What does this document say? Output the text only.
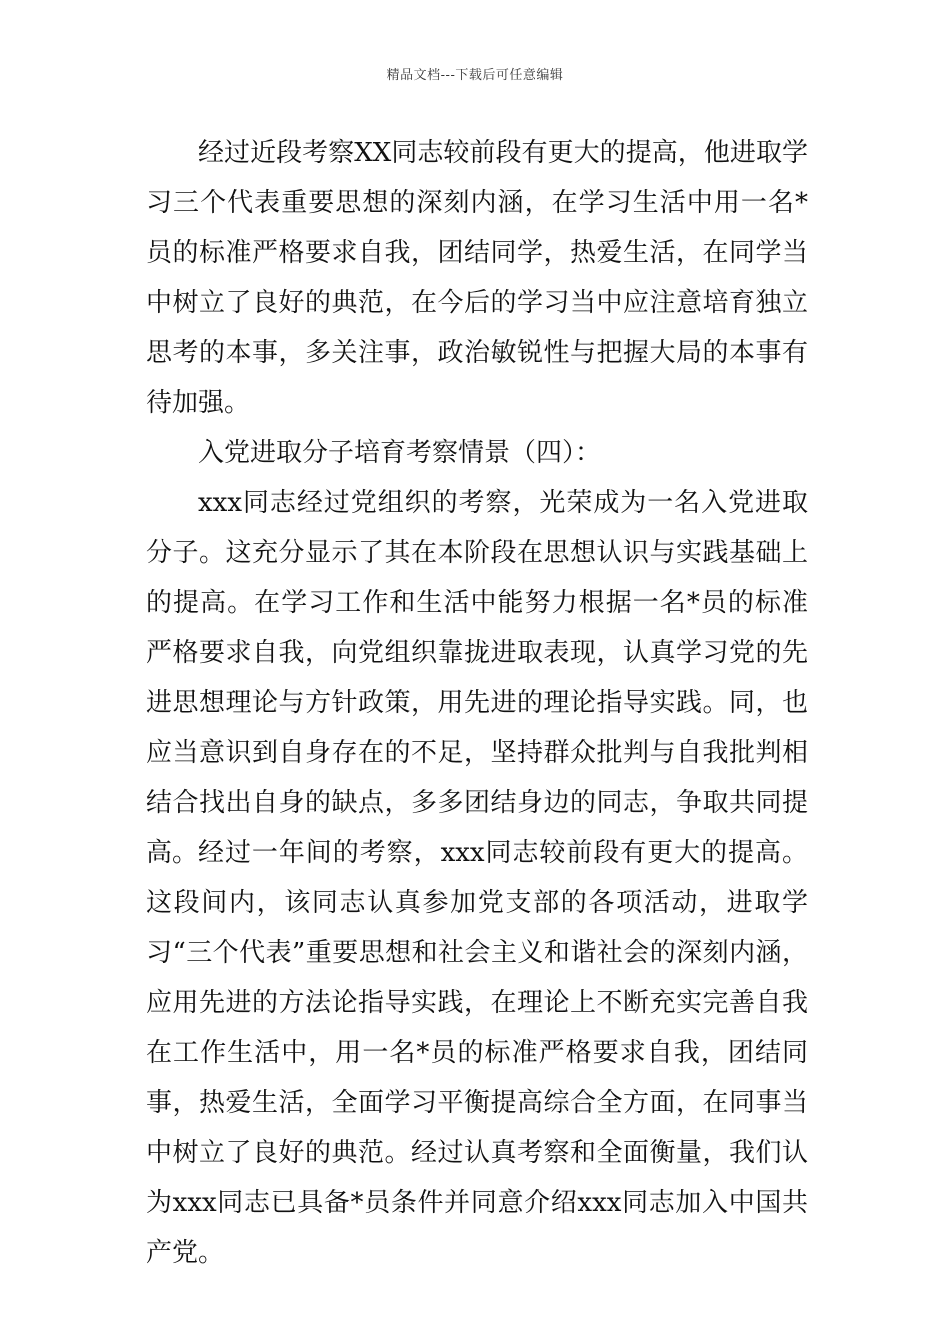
精品文档---下载后可任意编辑

经过近段考察XX同志较前段有更大的提高，他进取学习三个代表重要思想的深刻内涵，在学习生活中用一名*员的标准严格要求自我，团结同学，热爱生活，在同学当中树立了良好的典范，在今后的学习当中应注意培育独立思考的本事，多关注事，政治敏锐性与把握大局的本事有待加强。

入党进取分子培育考察情景（四）：

xxx同志经过党组织的考察，光荣成为一名入党进取分子。这充分显示了其在本阶段在思想认识与实践基础上的提高。在学习工作和生活中能努力根据一名*员的标准严格要求自我，向党组织靠拢进取表现，认真学习党的先进思想理论与方针政策，用先进的理论指导实践。同，也应当意识到自身存在的不足，坚持群众批判与自我批判相结合找出自身的缺点，多多团结身边的同志，争取共同提高。 经过一年间的考察，xxx同志较前段有更大的提高。这段间内，该同志认真参加党支部的各项活动，进取学习“三个代表”重要思想和社会主义和谐社会的深刻内涵，应用先进的方法论指导实践，在理论上不断充实完善自我在工作生活中，用一名*员的标准严格要求自我，团结同事，热爱生活，全面学习平衡提高综合全方面，在同事当中树立了良好的典范。经过认真考察和全面衡量，我们认为xxx同志已具备*员条件并同意介绍xxx同志加入中国共产党。
